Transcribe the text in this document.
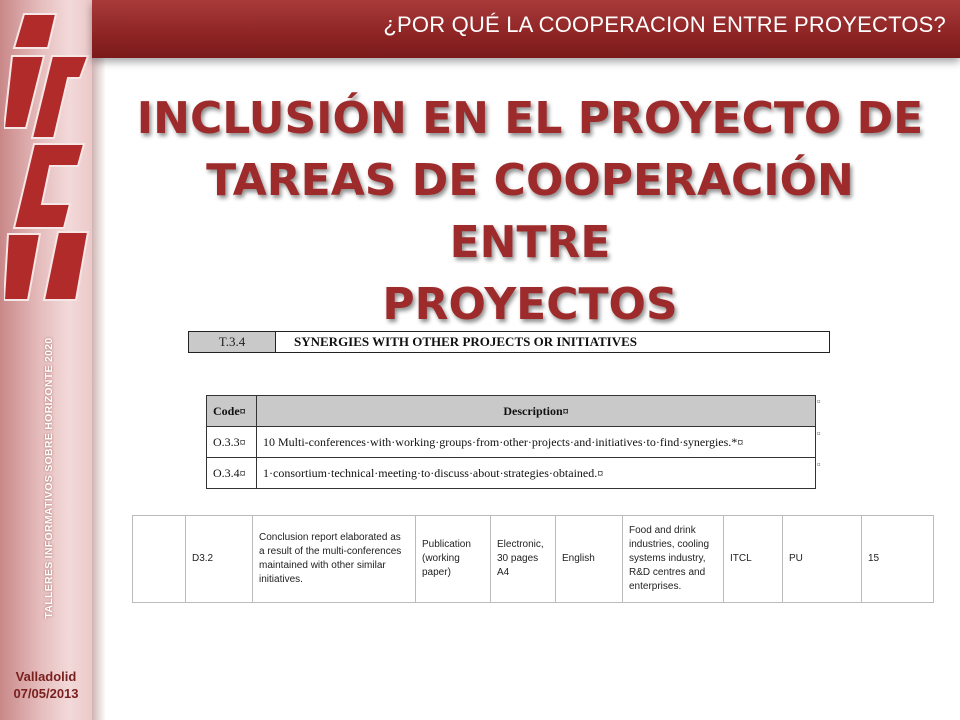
TALLERES INFORMATIVOS SOBRE HORIZONTE 2020
Valladolid
07/05/2013
¿POR QUÉ LA COOPERACION ENTRE PROYECTOS?
INCLUSIÓN EN EL PROYECTO DE
TAREAS DE COOPERACIÓN ENTRE
PROYECTOS
T.3.4	SYNERGIES WITH OTHER PROJECTS OR INITIATIVES
Code¤	Description¤
O.3.3¤	10 Multi-conferences·with·working·groups·from·other·projects·and·initiatives·to·find·synergies.*¤
O.3.4¤	1·consortium·technical·meeting·to·discuss·about·strategies·obtained.¤
¤
¤
¤
	D3.2	Conclusion report elaborated as a result of the multi-conferences maintained with other similar initiatives.	Publication (working paper)	Electronic, 30 pages A4	English	Food and drink industries, cooling systems industry, R&D centres and enterprises.	ITCL	PU	15
